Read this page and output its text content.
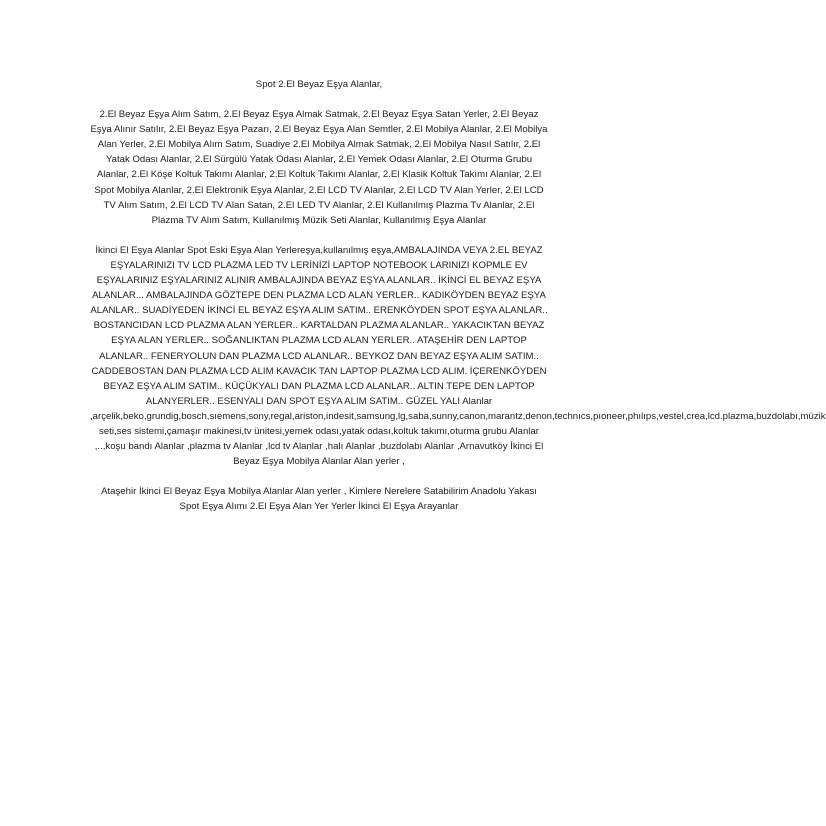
Spot 2.El Beyaz Eşya Alanlar,

2.El Beyaz Eşya Alım Satım, 2.El Beyaz Eşya Almak Satmak, 2.El Beyaz Eşya Satan Yerler, 2.El Beyaz Eşya Alınır Satılır, 2.El Beyaz Eşya Pazarı, 2.El Beyaz Eşya Alan Semtler, 2.El Mobilya Alanlar, 2.El Mobilya Alan Yerler, 2.El Mobilya Alım Satım, Suadiye 2.El Mobilya Almak Satmak, 2.El Mobilya Nasıl Satılır, 2.El Yatak Odası Alanlar, 2.El Sürgülü Yatak Odası Alanlar, 2.El Yemek Odası Alanlar, 2.El Oturma Grubu Alanlar, 2.El Köşe Koltuk Takımı Alanlar, 2.El Koltuk Takımı Alanlar, 2.El Klasik Koltuk Takımı Alanlar, 2.El Spot Mobilya Alanlar, 2.El Elektronik Eşya Alanlar, 2.El LCD TV Alanlar, 2.El LCD TV Alan Yerler, 2.El LCD TV Alım Satım, 2.El LCD TV Alan Satan, 2.El LED TV Alanlar, 2.El Kullanılmış Plazma Tv Alanlar, 2.El Plazma TV Alım Satım, Kullanılmış Müzik Seti Alanlar, Kullanılmış Eşya Alanlar

İkinci El Eşya Alanlar Spot Eski Eşya Alan Yerlereşya,kullanılmış eşya,AMBALAJINDA VEYA 2.EL BEYAZ EŞYALARINIZI TV LCD PLAZMA LED TV LERİNİZİ LAPTOP NOTEBOOK LARINIZI KOPMLE EV EŞYALARINIZ EŞYALARINIZ ALINIR AMBALAJINDA BEYAZ EŞYA ALANLAR.. İKİNCİ EL BEYAZ EŞYA ALANLAR... AMBALAJINDA GÖZTEPE DEN PLAZMA LCD ALAN YERLER.. KADIKÖYDEN BEYAZ EŞYA ALANLAR.. SUADİYEDEN İKİNCİ EL BEYAZ EŞYA ALIM SATIM.. ERENKÖYDEN SPOT EŞYA ALANLAR.. BOSTANCIDAN LCD PLAZMA ALAN YERLER.. KARTALDAN PLAZMA ALANLAR.. YAKACIKTAN BEYAZ EŞYA ALAN YERLER.. SOĞANLIKTAN PLAZMA LCD ALAN YERLER.. ATAŞEHİR DEN LAPTOP ALANLAR.. FENERYOLUN DAN PLAZMA LCD ALANLAR.. BEYKOZ DAN BEYAZ EŞYA ALIM SATIM.. CADDEBOSTAN DAN PLAZMA LCD ALIM KAVACIK TAN LAPTOP PLAZMA LCD ALIM. İÇERENKÖYDEN BEYAZ EŞYA ALIM SATIM.. KÜÇÜKYALI DAN PLAZMA LCD ALANLAR.. ALTIN TEPE DEN LAPTOP ALANYERLER.. ESENYALI DAN SPOT EŞYA ALIM SATIM.. GÜZEL YALI Alanlar ,arçelik,beko,grundig,bosch,sıemens,sony,regal,ariston,indesit,samsung,lg,saba,sunny,canon,marantz,denon,technıcs,pıoneer,phılıps,vestel,crea,lcd.plazma,buzdolabı,müzik seti,ses sistemi,çamaşır makinesi,tv ünitesi,yemek odası,yatak odası,koltuk takımı,oturma grubu Alanlar ,..,koşu bandı Alanlar ,plazma tv Alanlar ,lcd tv Alanlar ,halı Alanlar ,buzdolabı Alanlar ,Arnavutköy İkinci El Beyaz Eşya Mobilya Alanlar Alan yerler ,

Ataşehir İkinci El Beyaz Eşya Mobilya Alanlar Alan yerler , Kimlere Nerelere Satabilirim Anadolu Yakası Spot Eşya Alımı 2.El Eşya Alan Yer Yerler İkinci El Eşya Arayanlar
